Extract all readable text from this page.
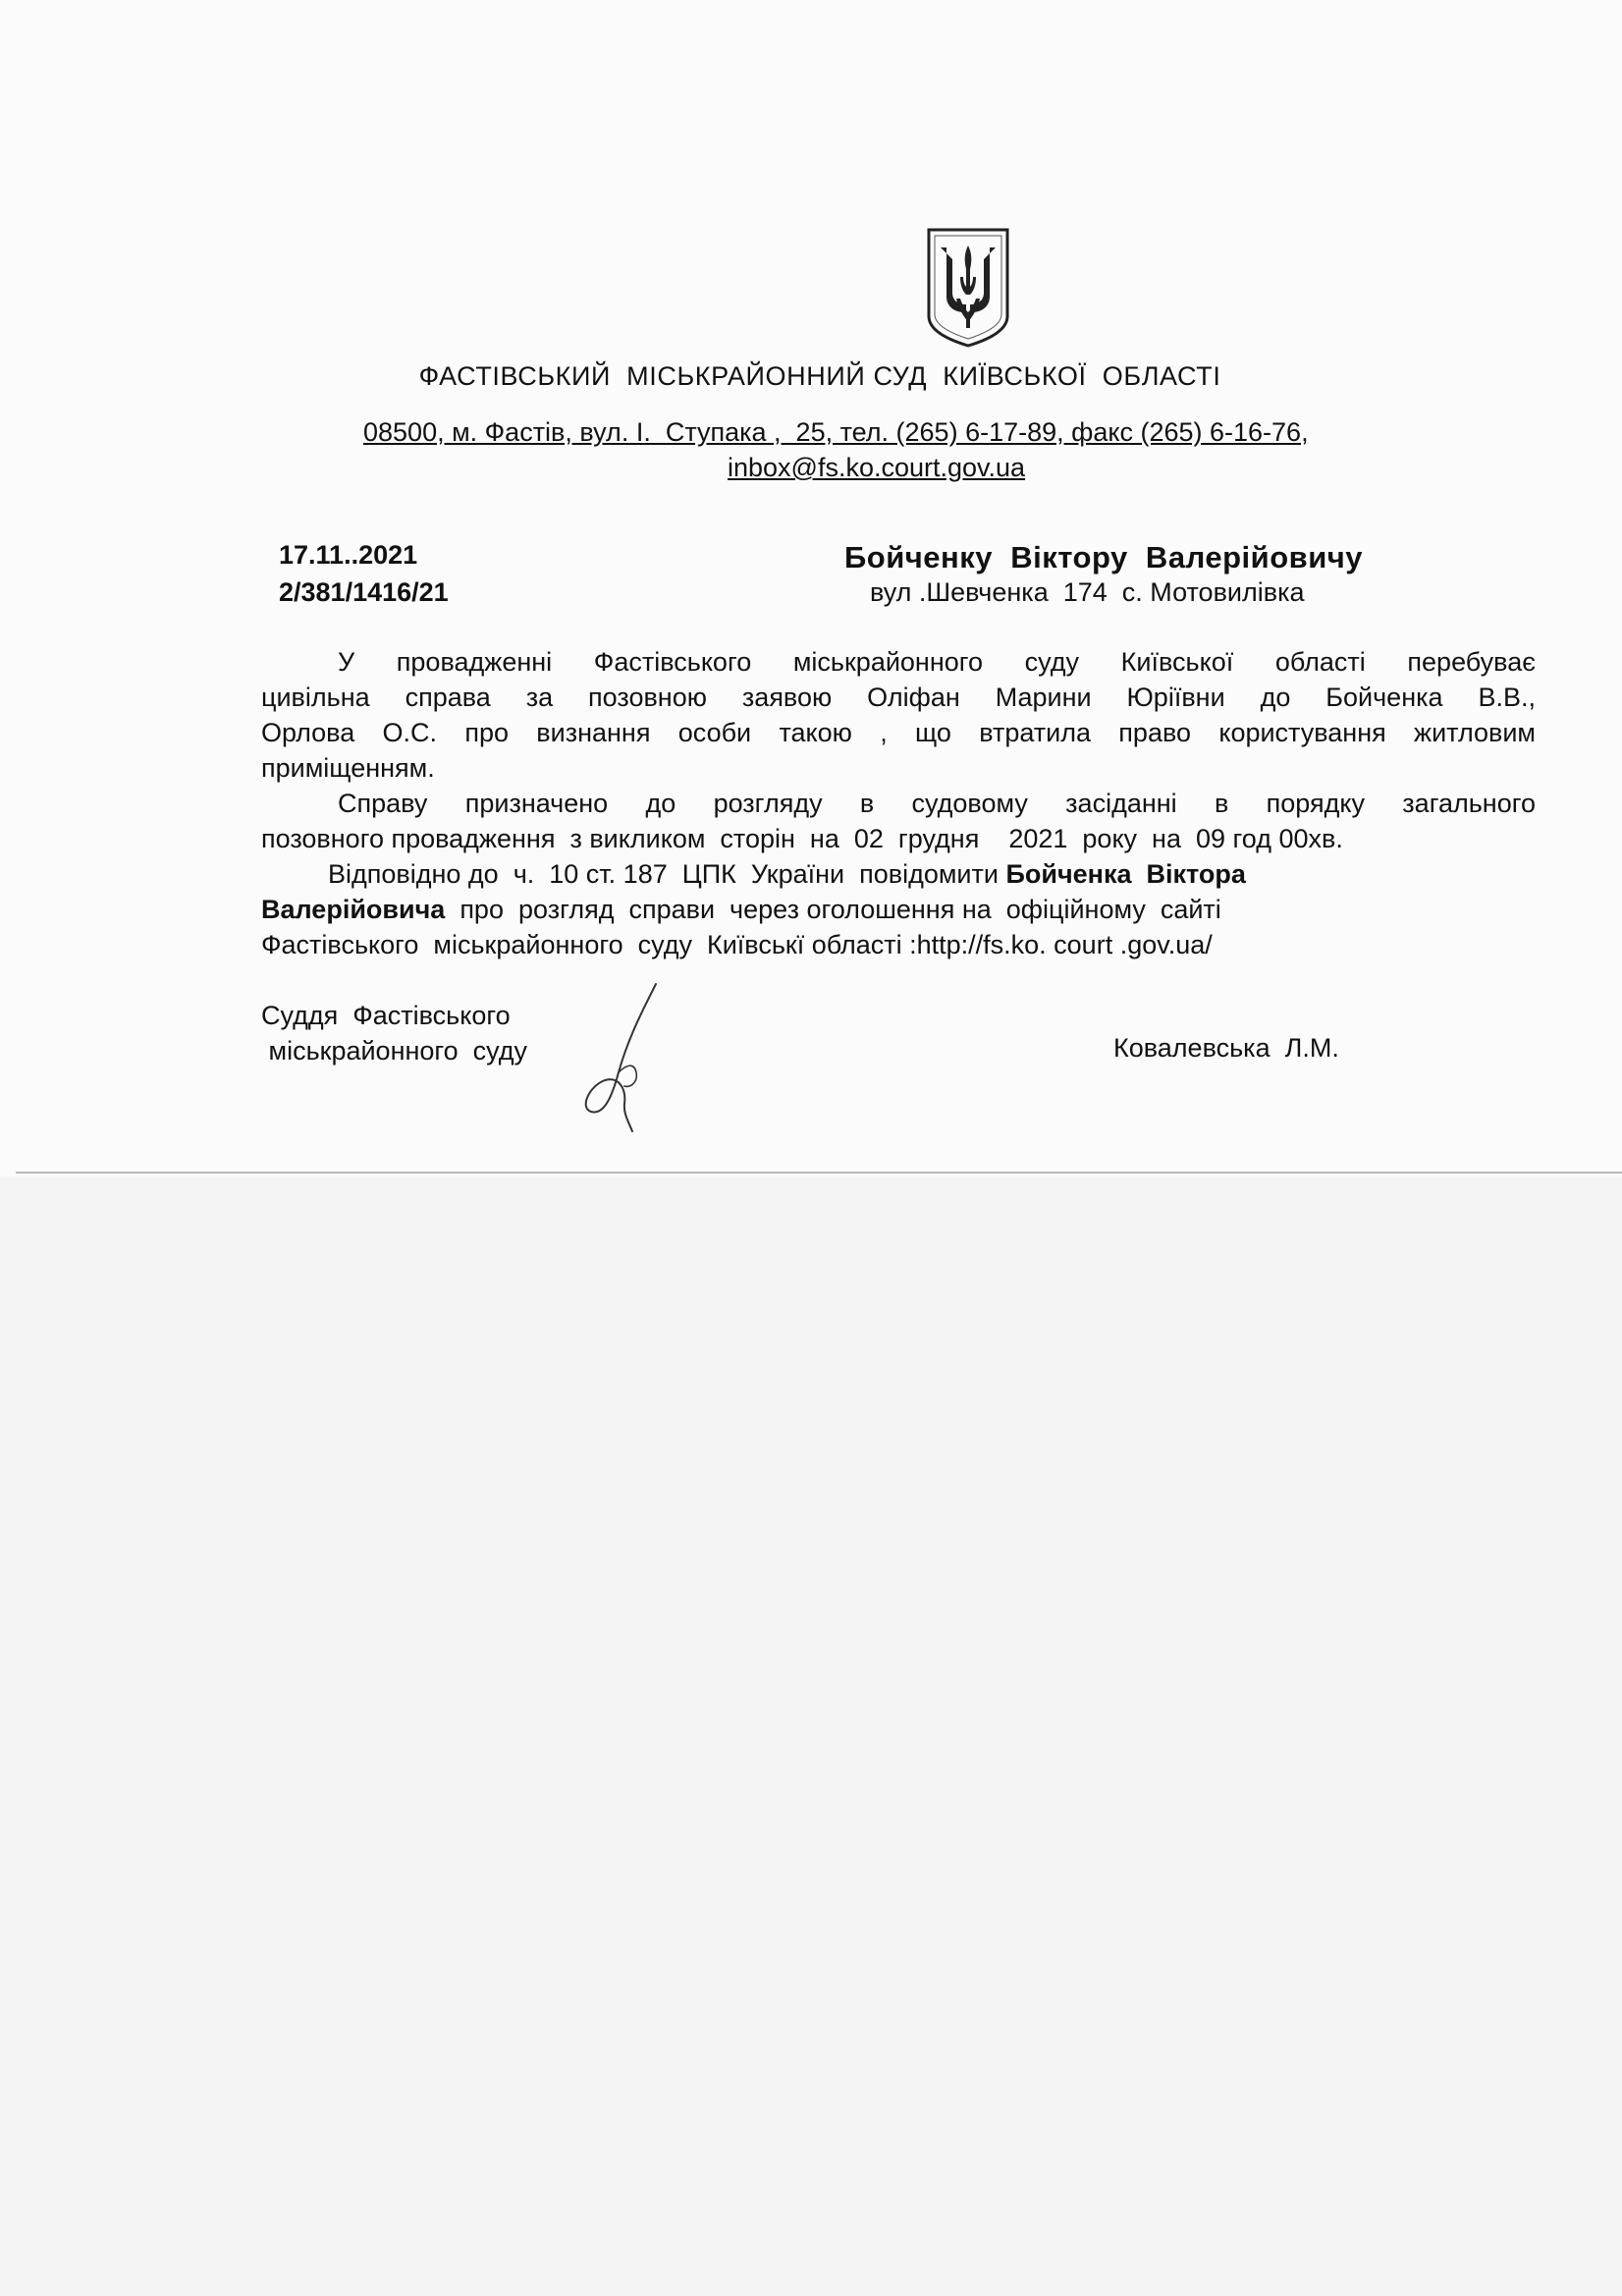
ФАСТІВСЬКИЙ  МІСЬКРАЙОННИЙ СУД  КИЇВСЬКОЇ  ОБЛАСТІ
08500, м. Фастів, вул. І.  Ступака ,  25, тел. (265) 6-17-89, факс (265) 6-16-76,
inbox@fs.ko.court.gov.ua
17.11..2021
2/381/1416/21
Бойченку  Віктору  Валерійовичу
вул .Шевченка  174  с. Мотовилівка
У провадженні Фастівського міськрайонного суду Київської області перебуває
цивільна справа за позовною заявою Оліфан Марини Юріївни до Бойченка В.В.,
Орлова О.С. про визнання особи такою , що втратила право користування житловим
приміщенням.
Справу призначено до розгляду в судовому засіданні в порядку загального
позовного провадження  з викликом  сторін  на  02  грудня    2021  року  на  09 год 00хв.
Відповідно до  ч.  10 ст. 187  ЦПК  України  повідомити Бойченка  Віктора
Валерійовича  про  розгляд  справи  через оголошення на  офіційному  сайті
Фастівського  міськрайонного  суду  Київськї області :http://fs.ko. court .gov.ua/
Суддя  Фастівського
міськрайонного  суду	Ковалевська  Л.М.
